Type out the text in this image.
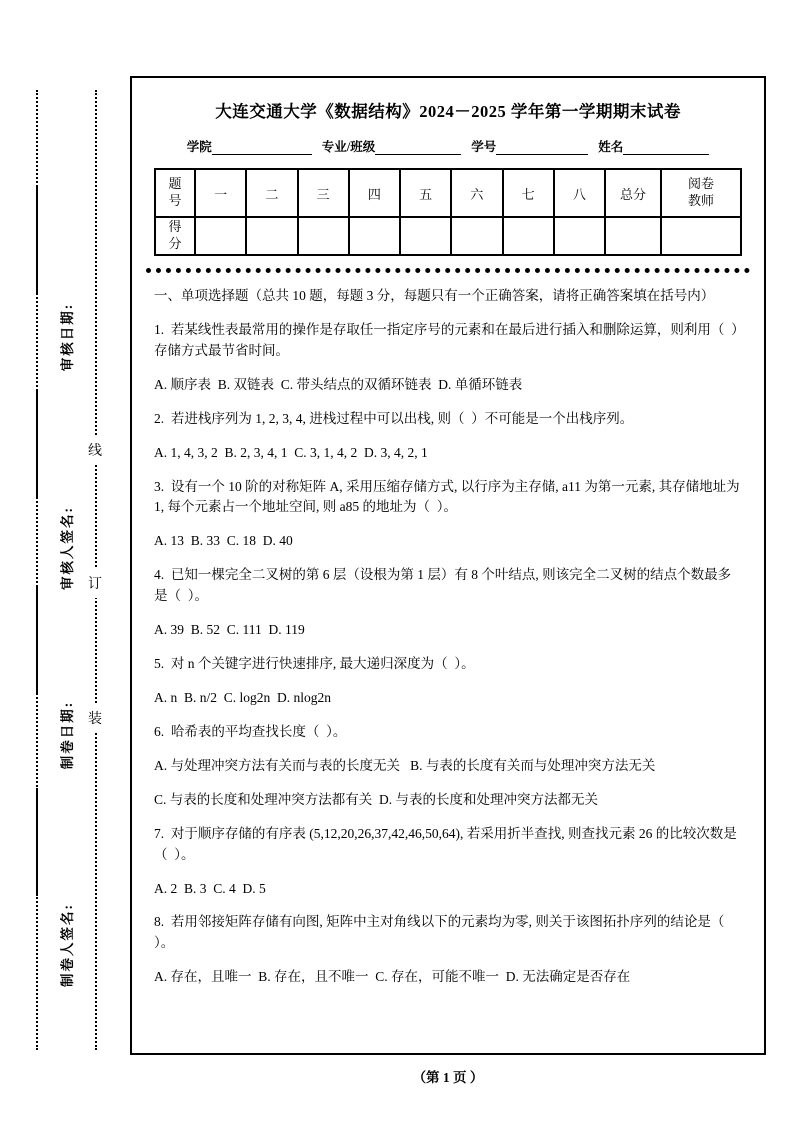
审核日期:
审核人签名:
制卷日期:
制卷人签名:
线
订
装
大连交通大学《数据结构》2024－2025 学年第一学期期末试卷
学院	专业/班级	学号	姓名
题号	一	二	三	四	五	六	七	八	总分	阅卷教师
得分										

一、单项选择题（总共 10 题，每题 3 分，每题只有一个正确答案，请将正确答案填在括号内）

1.  若某线性表最常用的操作是存取任一指定序号的元素和在最后进行插入和删除运算，则利用（  ）存储方式最节省时间。

A. 顺序表  B. 双链表  C. 带头结点的双循环链表  D. 单循环链表

2.  若进栈序列为 1, 2, 3, 4, 进栈过程中可以出栈, 则（  ）不可能是一个出栈序列。

A. 1, 4, 3, 2  B. 2, 3, 4, 1  C. 3, 1, 4, 2  D. 3, 4, 2, 1

3.  设有一个 10 阶的对称矩阵 A, 采用压缩存储方式, 以行序为主存储, a11 为第一元素, 其存储地址为 1, 每个元素占一个地址空间, 则 a85 的地址为（  ）。

A. 13  B. 33  C. 18  D. 40

4.  已知一棵完全二叉树的第 6 层（设根为第 1 层）有 8 个叶结点, 则该完全二叉树的结点个数最多是（  ）。

A. 39  B. 52  C. 111  D. 119

5.  对 n 个关键字进行快速排序, 最大递归深度为（  ）。

A. n  B. n/2  C. log2n  D. nlog2n

6.  哈希表的平均查找长度（  ）。

A. 与处理冲突方法有关而与表的长度无关   B. 与表的长度有关而与处理冲突方法无关

C. 与表的长度和处理冲突方法都有关  D. 与表的长度和处理冲突方法都无关

7.  对于顺序存储的有序表 (5,12,20,26,37,42,46,50,64), 若采用折半查找, 则查找元素 26 的比较次数是（  ）。

A. 2  B. 3  C. 4  D. 5

8.  若用邻接矩阵存储有向图, 矩阵中主对角线以下的元素均为零, 则关于该图拓扑序列的结论是（  ）。

A. 存在，且唯一  B. 存在，且不唯一  C. 存在，可能不唯一  D. 无法确定是否存在

（第 1 页 ）
